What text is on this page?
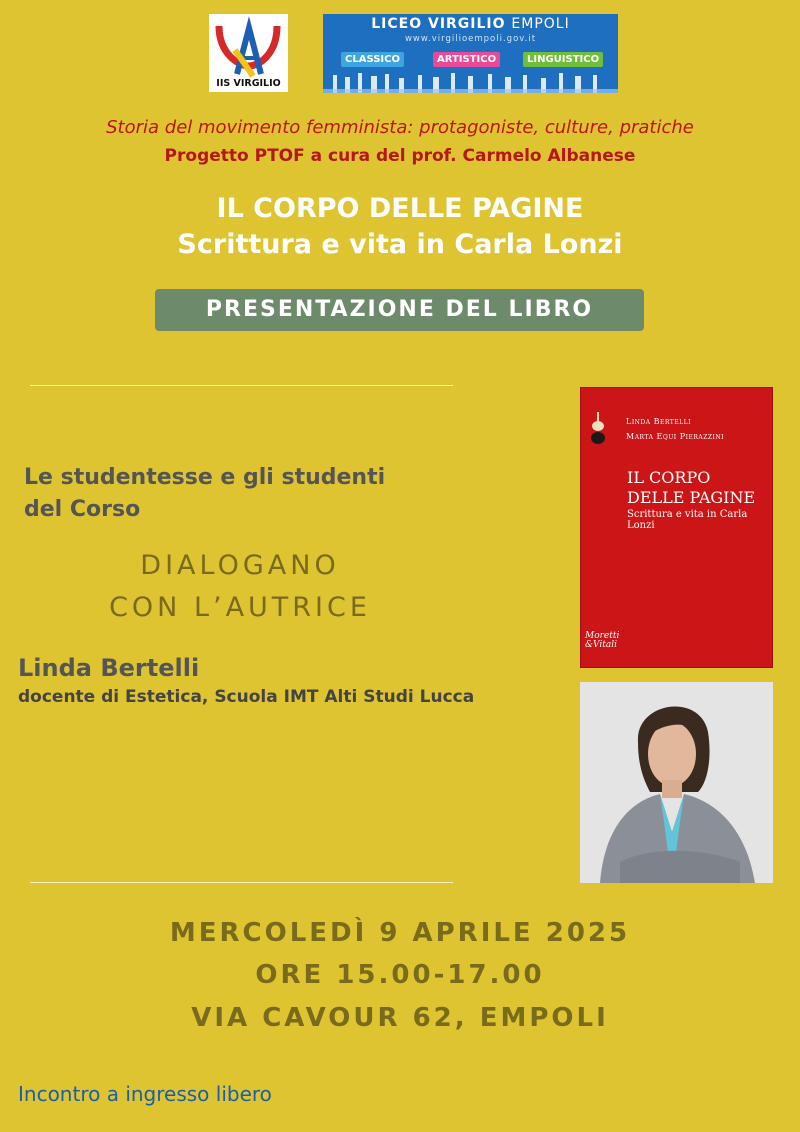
IIS VIRGILIO
LICEO VIRGILIO EMPOLI
www.virgilioempoli.gov.it
CLASSICO	ARTISTICO	LINGUISTICO
Storia del movimento femminista: protagoniste, culture, pratiche
Progetto PTOF a cura del prof. Carmelo Albanese
IL CORPO DELLE PAGINE
Scrittura e vita in Carla Lonzi
PRESENTAZIONE DEL LIBRO
Le studentesse e gli studenti
del Corso
DIALOGANO
CON L’AUTRICE
Linda Bertelli
docente di Estetica, Scuola IMT Alti Studi Lucca
Linda Bertelli
Marta Equi Pierazzini
IL CORPO
DELLE PAGINE
Scrittura e vita in Carla Lonzi
Moretti
&Vitali
MERCOLEDÌ 9 APRILE 2025
ORE 15.00-17.00
VIA CAVOUR 62, EMPOLI
Incontro a ingresso libero
